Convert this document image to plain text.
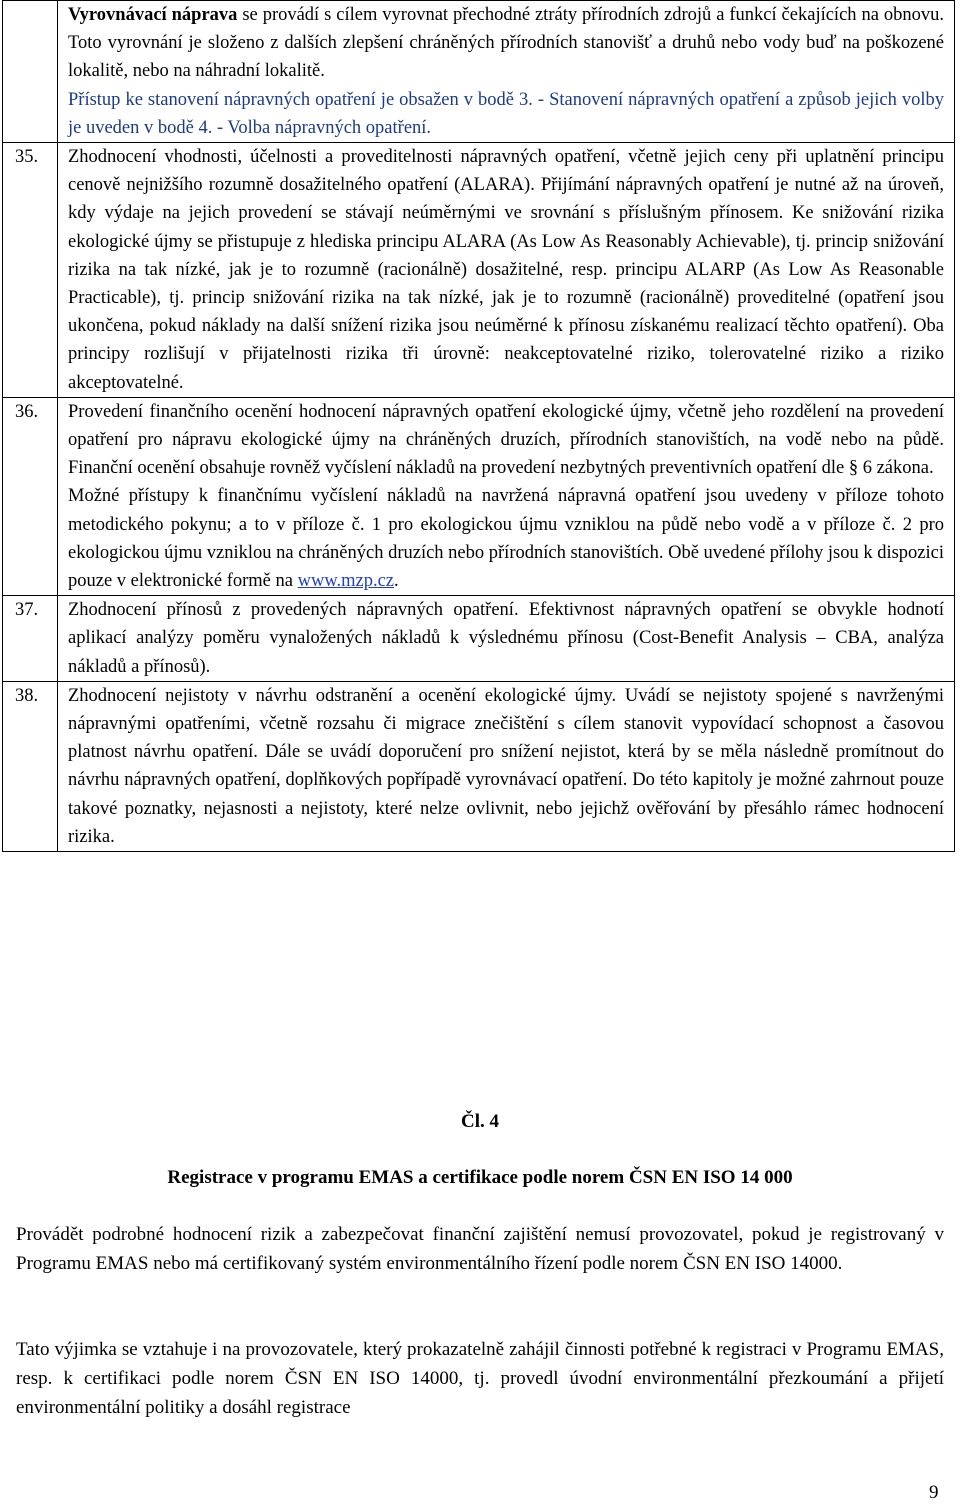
	Vyrovnávací náprava se provádí s cílem vyrovnat přechodné ztráty přírodních zdrojů a funkcí čekajících na obnovu. Toto vyrovnání je složeno z dalších zlepšení chráněných přírodních stanovišť a druhů nebo vody buď na poškozené lokalitě, nebo na náhradní lokalitě.

Přístup ke stanovení nápravných opatření je obsažen v bodě 3. - Stanovení nápravných opatření a způsob jejich volby je uveden v bodě 4. - Volba nápravných opatření.

35.	Zhodnocení vhodnosti, účelnosti a proveditelnosti nápravných opatření, včetně jejich ceny při uplatnění principu cenově nejnižšího rozumně dosažitelného opatření (ALARA). Přijímání nápravných opatření je nutné až na úroveň, kdy výdaje na jejich provedení se stávají neúměrnými ve srovnání s příslušným přínosem. Ke snižování rizika ekologické újmy se přistupuje z hlediska principu ALARA (As Low As Reasonably Achievable), tj. princip snižování rizika na tak nízké, jak je to rozumně (racionálně) dosažitelné, resp. principu ALARP (As Low As Reasonable Practicable), tj. princip snižování rizika na tak nízké, jak je to rozumně (racionálně) proveditelné (opatření jsou ukončena, pokud náklady na další snížení rizika jsou neúměrné k přínosu získanému realizací těchto opatření). Oba principy rozlišují v přijatelnosti rizika tři úrovně: neakceptovatelné riziko, tolerovatelné riziko a riziko akceptovatelné.

36.	Provedení finančního ocenění hodnocení nápravných opatření ekologické újmy, včetně jeho rozdělení na provedení opatření pro nápravu ekologické újmy na chráněných druzích, přírodních stanovištích, na vodě nebo na půdě. Finanční ocenění obsahuje rovněž vyčíslení nákladů na provedení nezbytných preventivních opatření dle § 6 zákona.

Možné přístupy k finančnímu vyčíslení nákladů na navržená nápravná opatření jsou uvedeny v příloze tohoto metodického pokynu; a to v příloze č. 1 pro ekologickou újmu vzniklou na půdě nebo vodě a v příloze č. 2 pro ekologickou újmu vzniklou na chráněných druzích nebo přírodních stanovištích. Obě uvedené přílohy jsou k dispozici pouze v elektronické formě na www.mzp.cz.

37.	Zhodnocení přínosů z provedených nápravných opatření. Efektivnost nápravných opatření se obvykle hodnotí aplikací analýzy poměru vynaložených nákladů k výslednému přínosu (Cost-Benefit Analysis – CBA, analýza nákladů a přínosů).

38.	Zhodnocení nejistoty v návrhu odstranění a ocenění ekologické újmy. Uvádí se nejistoty spojené s navrženými nápravnými opatřeními, včetně rozsahu či migrace znečištění s cílem stanovit vypovídací schopnost a časovou platnost návrhu opatření. Dále se uvádí doporučení pro snížení nejistot, která by se měla následně promítnout do návrhu nápravných opatření, doplňkových popřípadě vyrovnávací opatření. Do této kapitoly je možné zahrnout pouze takové poznatky, nejasnosti a nejistoty, které nelze ovlivnit, nebo jejichž ověřování by přesáhlo rámec hodnocení rizika.

Čl. 4
Registrace v programu EMAS a certifikace podle norem ČSN EN ISO 14 000

Provádět podrobné hodnocení rizik a zabezpečovat finanční zajištění nemusí provozovatel, pokud je registrovaný v Programu EMAS nebo má certifikovaný systém environmentálního řízení podle norem ČSN EN ISO 14000.

Tato výjimka se vztahuje i na provozovatele, který prokazatelně zahájil činnosti potřebné k registraci v Programu EMAS, resp. k certifikaci podle norem ČSN EN ISO 14000, tj. provedl úvodní environmentální přezkoumání a přijetí environmentální politiky a dosáhl registrace

9
